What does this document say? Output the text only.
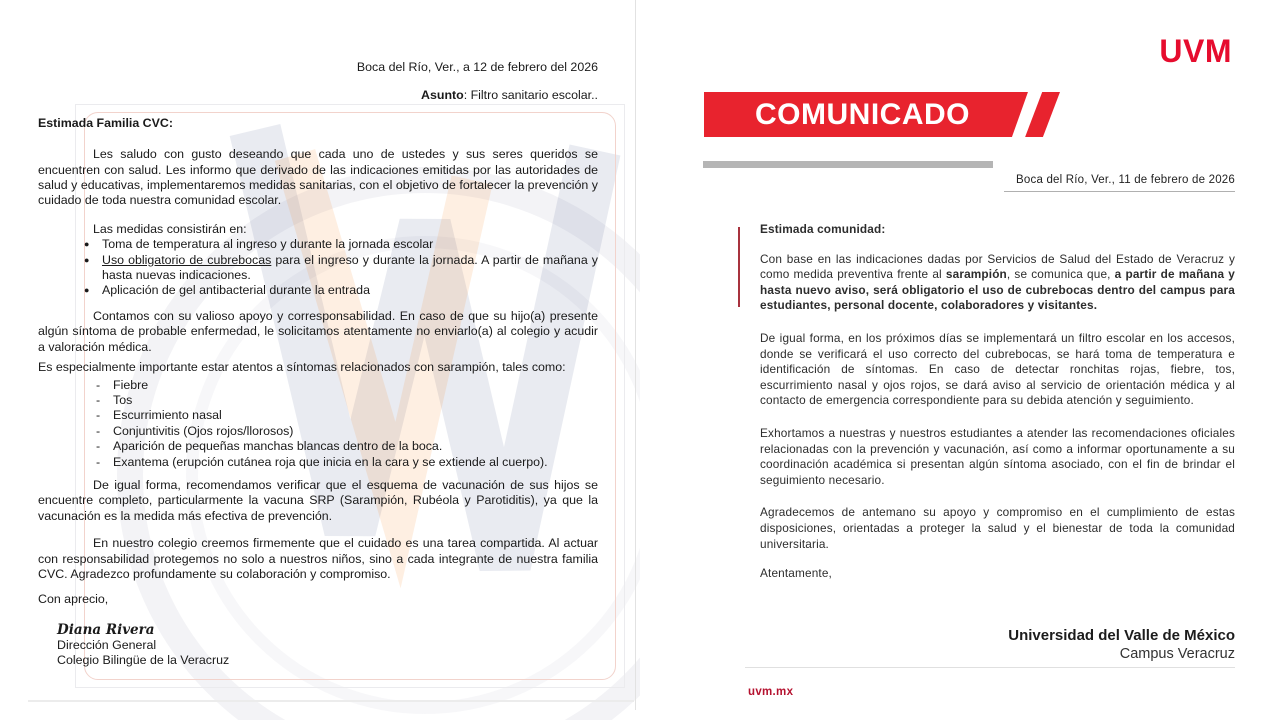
Boca del Río, Ver., a 12 de febrero del 2026
Asunto: Filtro sanitario escolar..
Estimada Familia CVC:
Les saludo con gusto deseando que cada uno de ustedes y sus seres queridos se encuentren con salud. Les informo que derivado de las indicaciones emitidas por las autoridades de salud y educativas, implementaremos medidas sanitarias, con el objetivo de fortalecer la prevención y cuidado de toda nuestra comunidad escolar.
Las medidas consistirán en:
● Toma de temperatura al ingreso y durante la jornada escolar
● Uso obligatorio de cubrebocas para el ingreso y durante la jornada. A partir de mañana y hasta nuevas indicaciones.
● Aplicación de gel antibacterial durante la entrada
Contamos con su valioso apoyo y corresponsabilidad. En caso de que su hijo(a) presente algún síntoma de probable enfermedad, le solicitamos atentamente no enviarlo(a) al colegio y acudir a valoración médica.
Es especialmente importante estar atentos a síntomas relacionados con sarampión, tales como:
- Fiebre
- Tos
- Escurrimiento nasal
- Conjuntivitis (Ojos rojos/llorosos)
- Aparición de pequeñas manchas blancas dentro de la boca.
- Exantema (erupción cutánea roja que inicia en la cara y se extiende al cuerpo).
De igual forma, recomendamos verificar que el esquema de vacunación de sus hijos se encuentre completo, particularmente la vacuna SRP (Sarampión, Rubéola y Parotiditis), ya que la vacunación es la medida más efectiva de prevención.
En nuestro colegio creemos firmemente que el cuidado es una tarea compartida. Al actuar con responsabilidad protegemos no solo a nuestros niños, sino a cada integrante de nuestra familia CVC. Agradezco profundamente su colaboración y compromiso.
Con aprecio,
Diana Rivera
Dirección General
Colegio Bilingüe de la Veracruz
UVM
COMUNICADO
Boca del Río, Ver., 11 de febrero de 2026
Estimada comunidad:
Con base en las indicaciones dadas por Servicios de Salud del Estado de Veracruz y como medida preventiva frente al sarampión, se comunica que, a partir de mañana y hasta nuevo aviso, será obligatorio el uso de cubrebocas dentro del campus para estudiantes, personal docente, colaboradores y visitantes.
De igual forma, en los próximos días se implementará un filtro escolar en los accesos, donde se verificará el uso correcto del cubrebocas, se hará toma de temperatura e identificación de síntomas. En caso de detectar ronchitas rojas, fiebre, tos, escurrimiento nasal y ojos rojos, se dará aviso al servicio de orientación médica y al contacto de emergencia correspondiente para su debida atención y seguimiento.
Exhortamos a nuestras y nuestros estudiantes a atender las recomendaciones oficiales relacionadas con la prevención y vacunación, así como a informar oportunamente a su coordinación académica si presentan algún síntoma asociado, con el fin de brindar el seguimiento necesario.
Agradecemos de antemano su apoyo y compromiso en el cumplimiento de estas disposiciones, orientadas a proteger la salud y el bienestar de toda la comunidad universitaria.
Atentamente,
Universidad del Valle de México
Campus Veracruz
uvm.mx
